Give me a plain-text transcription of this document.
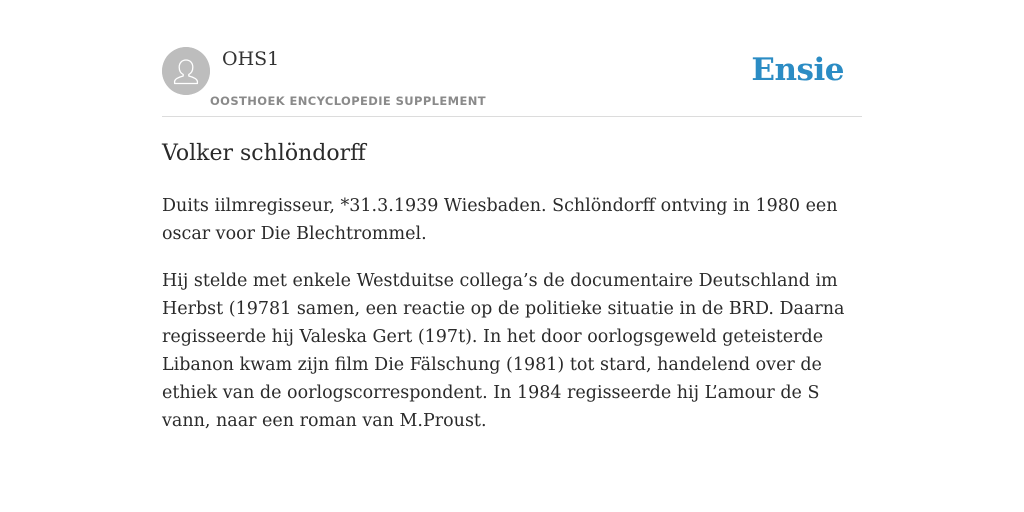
OHS1
OOSTHOEK ENCYCLOPEDIE SUPPLEMENT
Ensie
Volker schlöndorff

Duits iilmregisseur, *31.3.1939 Wiesbaden. Schlöndorff ontving in 1980 een oscar voor Die Blechtrommel.

Hij stelde met enkele Westduitse collega’s de documentaire Deutschland im Herbst (19781 samen, een reactie op de politieke situatie in de BRD. Daarna regisseerde hij Valeska Gert (197t). In het door oorlogsgeweld geteisterde Libanon kwam zijn film Die Fälschung (1981) tot stard, handelend over de ethiek van de oorlogscorrespondent. In 1984 regisseerde hij L’amour de S vann, naar een roman van M.Proust.
